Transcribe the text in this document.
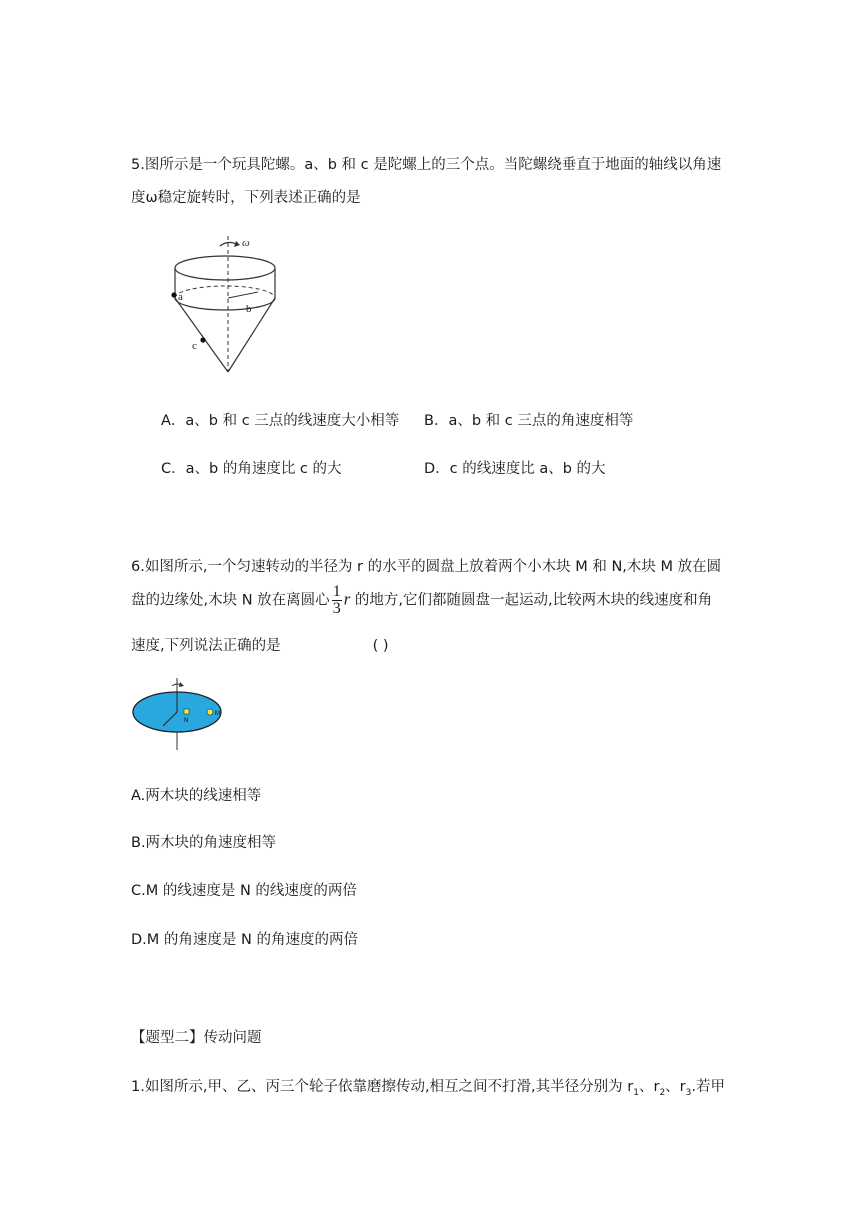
5.图所示是一个玩具陀螺。a、b 和 c 是陀螺上的三个点。当陀螺绕垂直于地面的轴线以角速
度ω稳定旋转时，下列表述正确的是
ω
a
b
c
A．a、b 和 c 三点的线速度大小相等 B．a、b 和 c 三点的角速度相等
C．a、b 的角速度比 c 的大	D．c 的线速度比 a、b 的大
6.如图所示,一个匀速转动的半径为 r 的水平的圆盘上放着两个小木块 M 和 N,木块 M 放在圆
盘的边缘处,木块 N 放在离圆心 $\frac{1}{3}$ r 的地方,它们都随圆盘一起运动,比较两木块的线速度和角
速度,下列说法正确的是	( )
N
M
A.两木块的线速相等
B.两木块的角速度相等
C.M 的线速度是 N 的线速度的两倍
D.M 的角速度是 N 的角速度的两倍
【题型二】传动问题
1.如图所示,甲、乙、丙三个轮子依靠磨擦传动,相互之间不打滑,其半径分别为 $r_1$、$r_2$、$r_3$.若甲
